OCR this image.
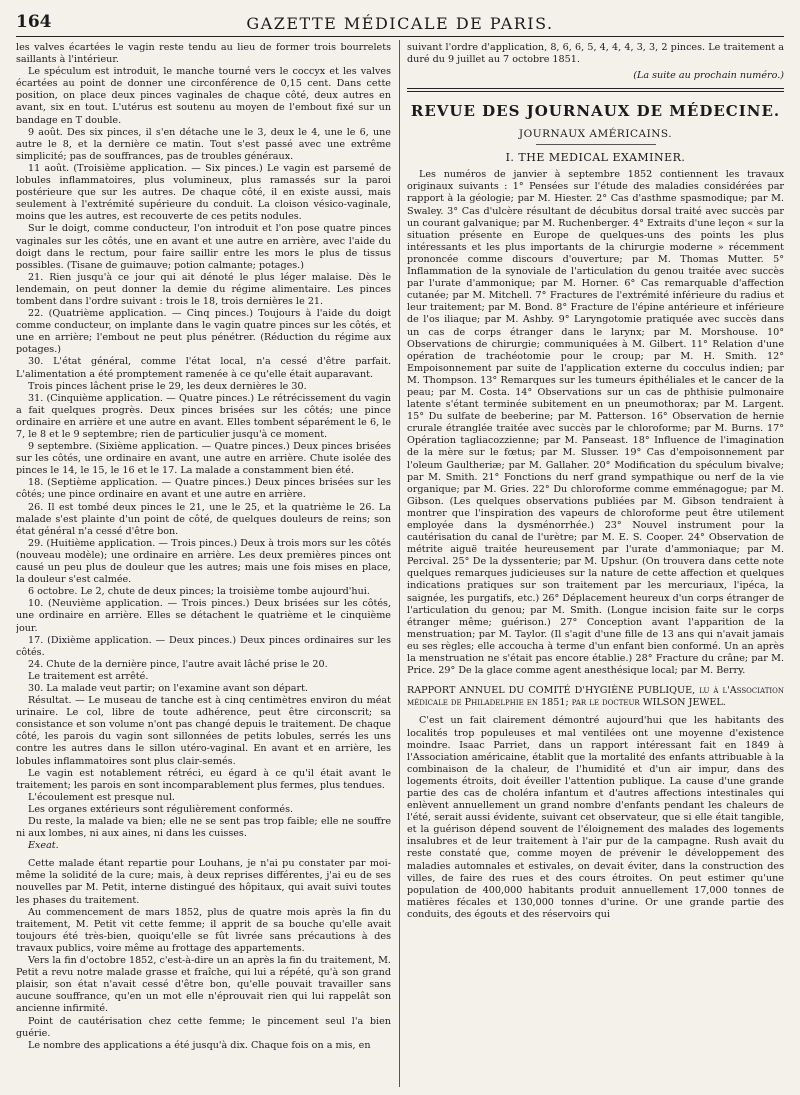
164	GAZETTE MÉDICALE DE PARIS.

les valves écartées le vagin reste tendu au lieu de former trois bourrelets saillants à l'intérieur.

Le spéculum est introduit, le manche tourné vers le coccyx et les valves écartées au point de donner une circonférence de 0,15 cent. Dans cette position, on place deux pinces vaginales de chaque côté, deux autres en avant, six en tout. L'utérus est soutenu au moyen de l'embout fixé sur un bandage en T double.

9 août. Des six pinces, il s'en détache une le 3, deux le 4, une le 6, une autre le 8, et la dernière ce matin. Tout s'est passé avec une extrême simplicité; pas de souffrances, pas de troubles généraux.

11 août. (Troisième application. — Six pinces.) Le vagin est parsemé de lobules inflammatoires, plus volumineux, plus ramassés sur la paroi postérieure que sur les autres. De chaque côté, il en existe aussi, mais seulement à l'extrémité supérieure du conduit. La cloison vésico-vaginale, moins que les autres, est recouverte de ces petits nodules.

Sur le doigt, comme conducteur, l'on introduit et l'on pose quatre pinces vaginales sur les côtés, une en avant et une autre en arrière, avec l'aide du doigt dans le rectum, pour faire saillir entre les mors le plus de tissus possibles. (Tisane de guimauve; potion calmante; potages.)

21. Rien jusqu'à ce jour qui ait dénoté le plus léger malaise. Dès le lendemain, on peut donner la demie du régime alimentaire. Les pinces tombent dans l'ordre suivant : trois le 18, trois dernières le 21.

22. (Quatrième application. — Cinq pinces.) Toujours à l'aide du doigt comme conducteur, on implante dans le vagin quatre pinces sur les côtés, et une en arrière; l'embout ne peut plus pénétrer. (Réduction du régime aux potages.)

30. L'état général, comme l'état local, n'a cessé d'être parfait. L'alimentation a été promptement ramenée à ce qu'elle était auparavant.

Trois pinces lâchent prise le 29, les deux dernières le 30.

31. (Cinquième application. — Quatre pinces.) Le rétrécissement du vagin a fait quelques progrès. Deux pinces brisées sur les côtés; une pince ordinaire en arrière et une autre en avant. Elles tombent séparément le 6, le 7, le 8 et le 9 septembre; rien de particulier jusqu'à ce moment.

9 septembre. (Sixième application. — Quatre pinces.) Deux pinces brisées sur les côtés, une ordinaire en avant, une autre en arrière. Chute isolée des pinces le 14, le 15, le 16 et le 17. La malade a constamment bien été.

18. (Septième application. — Quatre pinces.) Deux pinces brisées sur les côtés; une pince ordinaire en avant et une autre en arrière.

26. Il est tombé deux pinces le 21, une le 25, et la quatrième le 26. La malade s'est plainte d'un point de côté, de quelques douleurs de reins; son état général n'a cessé d'être bon.

29. (Huitième application. — Trois pinces.) Deux à trois mors sur les côtés (nouveau modèle); une ordinaire en arrière. Les deux premières pinces ont causé un peu plus de douleur que les autres; mais une fois mises en place, la douleur s'est calmée.

6 octobre. Le 2, chute de deux pinces; la troisième tombe aujourd'hui.

10. (Neuvième application. — Trois pinces.) Deux brisées sur les côtés, une ordinaire en arrière. Elles se détachent le quatrième et le cinquième jour.

17. (Dixième application. — Deux pinces.) Deux pinces ordinaires sur les côtés.

24. Chute de la dernière pince, l'autre avait lâché prise le 20.

Le traitement est arrêté.

30. La malade veut partir; on l'examine avant son départ.

Résultat. — Le museau de tanche est à cinq centimètres environ du méat urinaire. Le col, libre de toute adhérence, peut être circonscrit; sa consistance et son volume n'ont pas changé depuis le traitement. De chaque côté, les parois du vagin sont sillonnées de petits lobules, serrés les uns contre les autres dans le sillon utéro-vaginal. En avant et en arrière, les lobules inflammatoires sont plus clair-semés.

Le vagin est notablement rétréci, eu égard à ce qu'il était avant le traitement; les parois en sont incomparablement plus fermes, plus tendues.

L'écoulement est presque nul.

Les organes extérieurs sont régulièrement conformés.

Du reste, la malade va bien; elle ne se sent pas trop faible; elle ne souffre ni aux lombes, ni aux aines, ni dans les cuisses.

Exeat.

Cette malade étant repartie pour Louhans, je n'ai pu constater par moi-même la solidité de la cure; mais, à deux reprises différentes, j'ai eu de ses nouvelles par M. Petit, interne distingué des hôpitaux, qui avait suivi toutes les phases du traitement.

Au commencement de mars 1852, plus de quatre mois après la fin du traitement, M. Petit vit cette femme; il apprit de sa bouche qu'elle avait toujours été très-bien, quoiqu'elle se fût livrée sans précautions à des travaux publics, voire même au frottage des appartements.

Vers la fin d'octobre 1852, c'est-à-dire un an après la fin du traitement, M. Petit a revu notre malade grasse et fraîche, qui lui a répété, qu'à son grand plaisir, son état n'avait cessé d'être bon, qu'elle pouvait travailler sans aucune souffrance, qu'en un mot elle n'éprouvait rien qui lui rappelât son ancienne infirmité.

Point de cautérisation chez cette femme; le pincement seul l'a bien guérie.

Le nombre des applications a été jusqu'à dix. Chaque fois on a mis, en

suivant l'ordre d'application, 8, 6, 6, 5, 4, 4, 4, 3, 3, 2 pinces. Le traitement a duré du 9 juillet au 7 octobre 1851.

(La suite au prochain numéro.)

REVUE DES JOURNAUX DE MÉDECINE.
JOURNAUX AMÉRICAINS.
I. THE MEDICAL EXAMINER.

Les numéros de janvier à septembre 1852 contiennent les travaux originaux suivants : 1° Pensées sur l'étude des maladies considérées par rapport à la géologie; par M. Hiester. 2° Cas d'asthme spasmodique; par M. Swaley. 3° Cas d'ulcère résultant de décubitus dorsal traité avec succès par un courant galvanique; par M. Ruchenberger. 4° Extraits d'une leçon « sur la situation présente en Europe de quelques-uns des points les plus intéressants et les plus importants de la chirurgie moderne » récemment prononcée comme discours d'ouverture; par M. Thomas Mutter. 5° Inflammation de la synoviale de l'articulation du genou traitée avec succès par l'urate d'ammonique; par M. Horner. 6° Cas remarquable d'affection cutanée; par M. Mitchell. 7° Fractures de l'extrémité inférieure du radius et leur traitement; par M. Bond. 8° Fracture de l'épine antérieure et inférieure de l'os iliaque; par M. Ashby. 9° Laryngotomie pratiquée avec succès dans un cas de corps étranger dans le larynx; par M. Morshouse. 10° Observations de chirurgie; communiquées à M. Gilbert. 11° Relation d'une opération de trachéotomie pour le croup; par M. H. Smith. 12° Empoisonnement par suite de l'application externe du cocculus indien; par M. Thompson. 13° Remarques sur les tumeurs épithéliales et le cancer de la peau; par M. Costa. 14° Observations sur un cas de phthisie pulmonaire latente s'étant terminée subitement en un pneumothorax; par M. Largent. 15° Du sulfate de beeberine; par M. Patterson. 16° Observation de hernie crurale étranglée traitée avec succès par le chloroforme; par M. Burns. 17° Opération tagliacozzienne; par M. Panseast. 18° Influence de l'imagination de la mère sur le fœtus; par M. Slusser. 19° Cas d'empoisonnement par l'oleum Gaultheriæ; par M. Gallaher. 20° Modification du spéculum bivalve; par M. Smith. 21° Fonctions du nerf grand sympathique ou nerf de la vie organique; par M. Gries. 22° Du chloroforme comme emménagogue; par M. Gibson. (Les quelques observations publiées par M. Gibson tendraient à montrer que l'inspiration des vapeurs de chloroforme peut être utilement employée dans la dysménorrhée.) 23° Nouvel instrument pour la cautérisation du canal de l'urètre; par M. E. S. Cooper. 24° Observation de métrite aiguë traitée heureusement par l'urate d'ammoniaque; par M. Percival. 25° De la dyssenterie; par M. Upshur. (On trouvera dans cette note quelques remarques judicieuses sur la nature de cette affection et quelques indications pratiques sur son traitement par les mercuriaux, l'ipéca, la saignée, les purgatifs, etc.) 26° Déplacement heureux d'un corps étranger de l'articulation du genou; par M. Smith. (Longue incision faite sur le corps étranger même; guérison.) 27° Conception avant l'apparition de la menstruation; par M. Taylor. (Il s'agit d'une fille de 13 ans qui n'avait jamais eu ses règles; elle accoucha à terme d'un enfant bien conformé. Un an après la menstruation ne s'était pas encore établie.) 28° Fracture du crâne; par M. Price. 29° De la glace comme agent anesthésique local; par M. Berry.

RAPPORT ANNUEL DU COMITÉ D'HYGIÈNE PUBLIQUE, lu à l'Association médicale de Philadelphie en 1851; par le docteur WILSON JEWEL.

C'est un fait clairement démontré aujourd'hui que les habitants des localités trop populeuses et mal ventilées ont une moyenne d'existence moindre. Isaac Parriet, dans un rapport intéressant fait en 1849 à l'Association américaine, établit que la mortalité des enfants attribuable à la combinaison de la chaleur, de l'humidité et d'un air impur, dans des logements étroits, doit éveiller l'attention publique. La cause d'une grande partie des cas de choléra infantum et d'autres affections intestinales qui enlèvent annuellement un grand nombre d'enfants pendant les chaleurs de l'été, serait aussi évidente, suivant cet observateur, que si elle était tangible, et la guérison dépend souvent de l'éloignement des malades des logements insalubres et de leur traitement à l'air pur de la campagne. Rush avait du reste constaté que, comme moyen de prévenir le développement des maladies automnales et estivales, on devait éviter, dans la construction des villes, de faire des rues et des cours étroites. On peut estimer qu'une population de 400,000 habitants produit annuellement 17,000 tonnes de matières fécales et 130,000 tonnes d'urine. Or une grande partie des conduits, des égouts et des réservoirs qui
